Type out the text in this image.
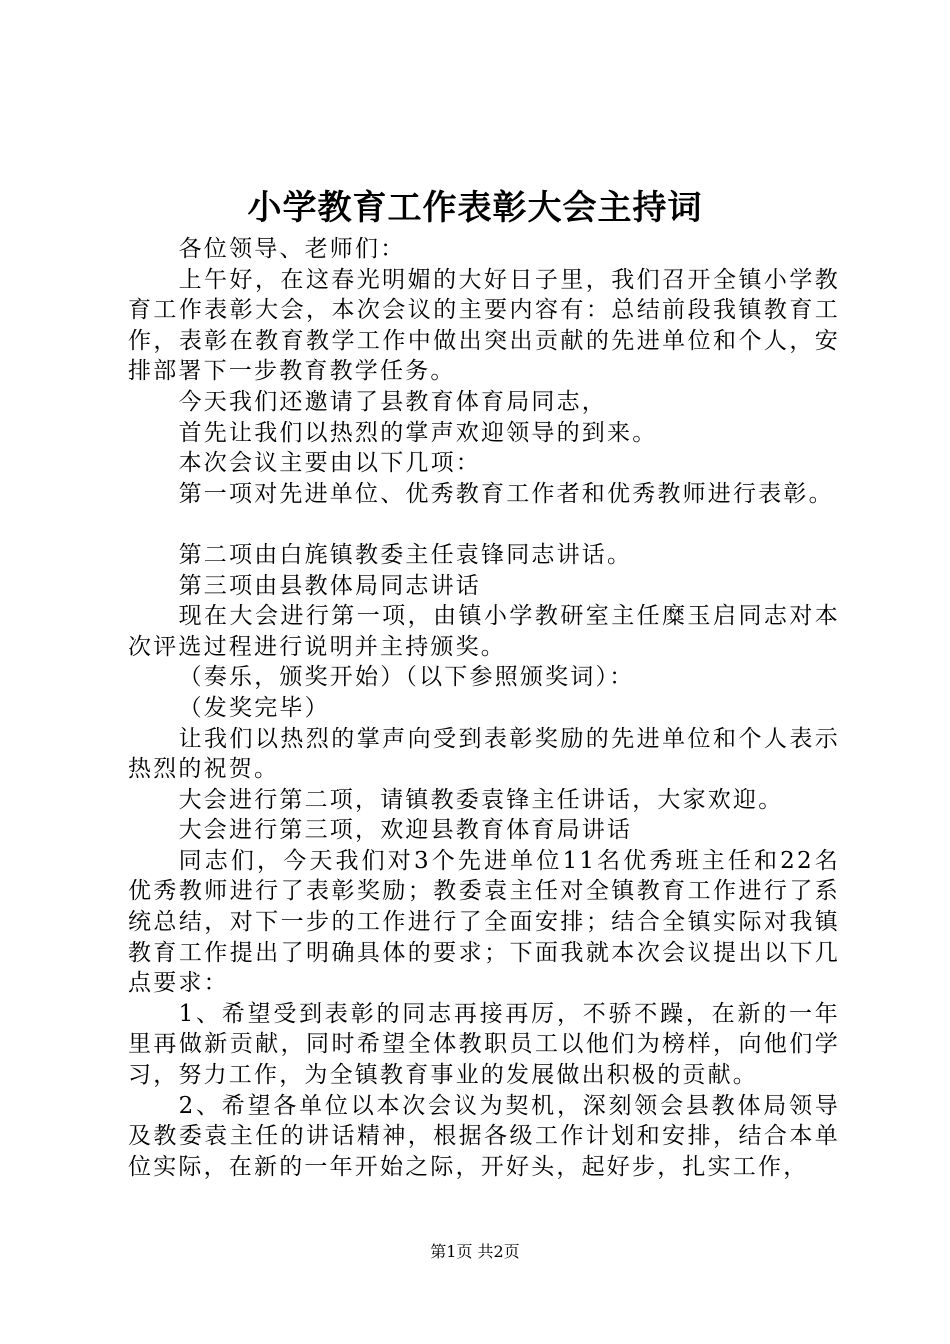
小学教育工作表彰大会主持词

各位领导、老师们：

上午好，在这春光明媚的大好日子里，我们召开全镇小学教育工作表彰大会，本次会议的主要内容有：总结前段我镇教育工作，表彰在教育教学工作中做出突出贡献的先进单位和个人，安排部署下一步教育教学任务。

今天我们还邀请了县教育体育局同志，

首先让我们以热烈的掌声欢迎领导的到来。

本次会议主要由以下几项：

第一项对先进单位、优秀教育工作者和优秀教师进行表彰。

第二项由白旄镇教委主任袁锋同志讲话。

第三项由县教体局同志讲话

现在大会进行第一项，由镇小学教研室主任糜玉启同志对本次评选过程进行说明并主持颁奖。

（奏乐，颁奖开始）（以下参照颁奖词）：

（发奖完毕）

让我们以热烈的掌声向受到表彰奖励的先进单位和个人表示热烈的祝贺。

大会进行第二项，请镇教委袁锋主任讲话，大家欢迎。

大会进行第三项，欢迎县教育体育局讲话

同志们，今天我们对3个先进单位11名优秀班主任和22名优秀教师进行了表彰奖励；教委袁主任对全镇教育工作进行了系统总结，对下一步的工作进行了全面安排；结合全镇实际对我镇教育工作提出了明确具体的要求；下面我就本次会议提出以下几点要求：

1、希望受到表彰的同志再接再厉，不骄不躁，在新的一年里再做新贡献，同时希望全体教职员工以他们为榜样，向他们学习，努力工作，为全镇教育事业的发展做出积极的贡献。

2、希望各单位以本次会议为契机，深刻领会县教体局领导及教委袁主任的讲话精神，根据各级工作计划和安排，结合本单位实际，在新的一年开始之际，开好头，起好步，扎实工作，

第1页 共2页
